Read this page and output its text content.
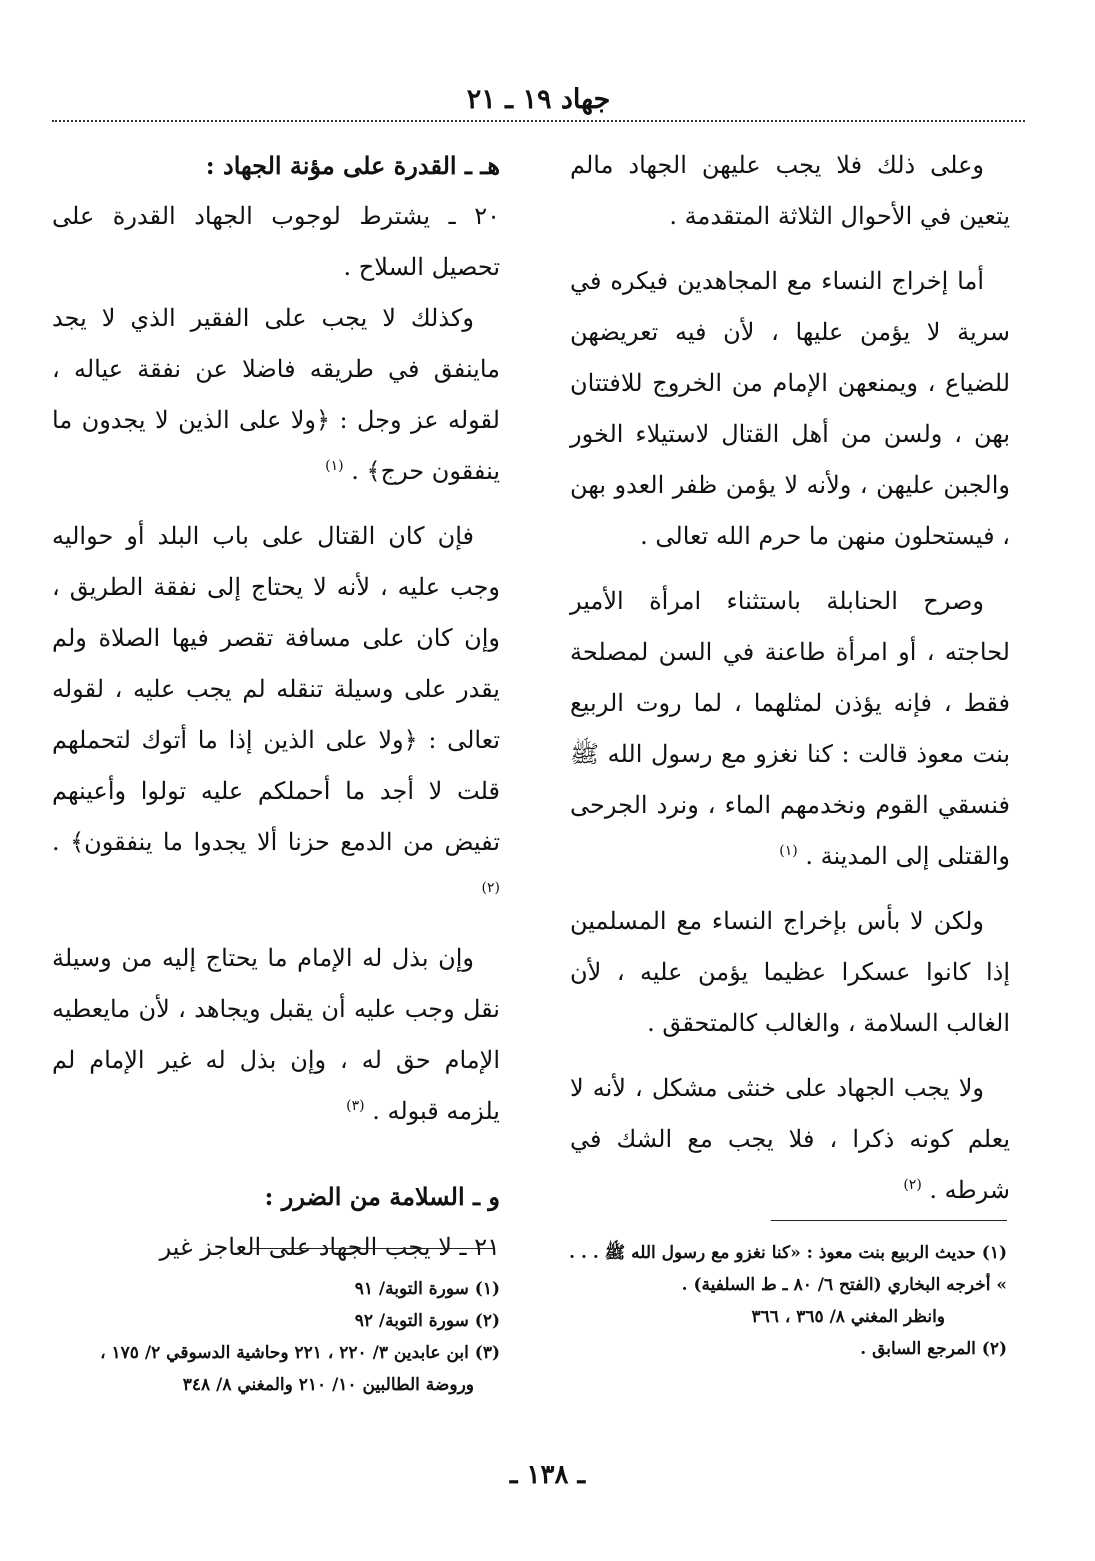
جهاد ١٩ ـ ٢١

وعلى ذلك فلا يجب عليهن الجهاد مالم يتعين في الأحوال الثلاثة المتقدمة .

أما إخراج النساء مع المجاهدين فيكره في سرية لا يؤمن عليها ، لأن فيه تعريضهن للضياع ، ويمنعهن الإمام من الخروج للافتتان بهن ، ولسن من أهل القتال لاستيلاء الخور والجبن عليهن ، ولأنه لا يؤمن ظفر العدو بهن ، فيستحلون منهن ما حرم الله تعالى .

وصرح الحنابلة باستثناء امرأة الأمير لحاجته ، أو امرأة طاعنة في السن لمصلحة فقط ، فإنه يؤذن لمثلهما ، لما روت الربيع بنت معوذ قالت : كنا نغزو مع رسول الله ﷺ فنسقي القوم ونخدمهم الماء ، ونرد الجرحى والقتلى إلى المدينة . $^{(١)}$

ولكن لا بأس بإخراج النساء مع المسلمين إذا كانوا عسكرا عظيما يؤمن عليه ، لأن الغالب السلامة ، والغالب كالمتحقق .

ولا يجب الجهاد على خنثى مشكل ، لأنه لا يعلم كونه ذكرا ، فلا يجب مع الشك في شرطه . $^{(٢)}$

هـ ـ القدرة على مؤنة الجهاد :

٢٠ ـ يشترط لوجوب الجهاد القدرة على تحصيل السلاح .

وكذلك لا يجب على الفقير الذي لا يجد ماينفق في طريقه فاضلا عن نفقة عياله ، لقوله عز وجل : ﴿ولا على الذين لا يجدون ما ينفقون حرج﴾ . $^{(١)}$

فإن كان القتال على باب البلد أو حواليه وجب عليه ، لأنه لا يحتاج إلى نفقة الطريق ، وإن كان على مسافة تقصر فيها الصلاة ولم يقدر على وسيلة تنقله لم يجب عليه ، لقوله تعالى : ﴿ولا على الذين إذا ما أتوك لتحملهم قلت لا أجد ما أحملكم عليه تولوا وأعينهم تفيض من الدمع حزنا ألا يجدوا ما ينفقون﴾ . $^{(٢)}$

وإن بذل له الإمام ما يحتاج إليه من وسيلة نقل وجب عليه أن يقبل ويجاهد ، لأن مايعطيه الإمام حق له ، وإن بذل له غير الإمام لم يلزمه قبوله . $^{(٣)}$

و ـ السلامة من الضرر :

٢١ ـ لا يجب الجهاد على العاجز غير	(١) حديث الربيع بنت معوذ : «كنا نغزو مع رسول الله ﷺ . . . » أخرجه البخاري (الفتح ٦/ ٨٠ ـ ط السلفية) .

وانظر المغني ٨/ ٣٦٥ ، ٣٦٦

(٢) المرجع السابق .

(١) سورة التوبة/ ٩١

(٢) سورة التوبة/ ٩٢

(٣) ابن عابدين ٣/ ٢٢٠ ، ٢٢١ وحاشية الدسوقي ٢/ ١٧٥ ،

وروضة الطالبين ١٠/ ٢١٠ والمغني ٨/ ٣٤٨

ـ ١٣٨ ـ
